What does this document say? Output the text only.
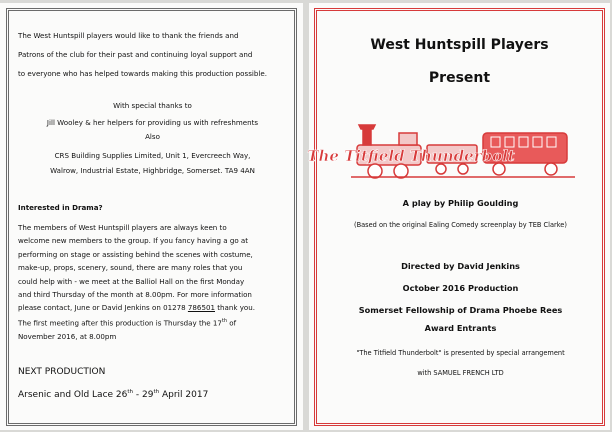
The West Huntspill players would like to thank the friends and
Patrons of the club for their past and continuing loyal support and
to everyone who has helped towards making this production possible.
With special thanks to
Jill Wooley & her helpers for providing us with refreshments
Also
CRS Building Supplies Limited, Unit 1, Evercreech Way,
Walrow, Industrial Estate, Highbridge, Somerset. TA9 4AN
Interested in Drama?
The members of West Huntspill players are always keen to
welcome new members to the group. If you fancy having a go at
performing on stage or assisting behind the scenes with costume,
make-up, props, scenery, sound, there are many roles that you
could help with - we meet at the Balliol Hall on the first Monday
and third Thursday of the month at 8.00pm. For more information
please contact, June or David Jenkins on 01278 786501 thank you.
The first meeting after this production is Thursday the 17th of
November 2016, at 8.00pm
NEXT PRODUCTION
Arsenic and Old Lace 26th - 29th April 2017
West Huntspill Players
Present
The Titfield Thunderbolt
A play by Philip Goulding
(Based on the original Ealing Comedy screenplay by TEB Clarke)
Directed by David Jenkins
October 2016 Production
Somerset Fellowship of Drama Phoebe Rees
Award Entrants
"The Titfield Thunderbolt" is presented by special arrangement
with SAMUEL FRENCH LTD
